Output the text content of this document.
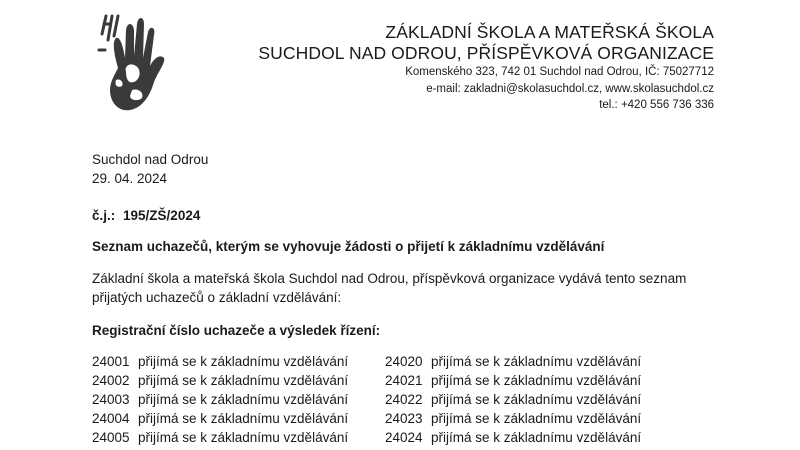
ZÁKLADNÍ ŠKOLA A MATEŘSKÁ ŠKOLA
SUCHDOL NAD ODROU, PŘÍSPĚVKOVÁ ORGANIZACE
Komenského 323, 742 01 Suchdol nad Odrou, IČ: 75027712
e-mail: zakladni@skolasuchdol.cz, www.skolasuchdol.cz
tel.: +420 556 736 336
Suchdol nad Odrou
29. 04. 2024
č.j.: 195/ZŠ/2024
Seznam uchazečů, kterým se vyhovuje žádosti o přijetí k základnímu vzdělávání
Základní škola a mateřská škola Suchdol nad Odrou, příspěvková organizace vydává tento seznam
přijatých uchazečů o základní vzdělávání:
Registrační číslo uchazeče a výsledek řízení:
24001 přijímá se k základnímu vzdělávání
24002 přijímá se k základnímu vzdělávání
24003 přijímá se k základnímu vzdělávání
24004 přijímá se k základnímu vzdělávání
24005 přijímá se k základnímu vzdělávání
24020 přijímá se k základnímu vzdělávání
24021 přijímá se k základnímu vzdělávání
24022 přijímá se k základnímu vzdělávání
24023 přijímá se k základnímu vzdělávání
24024 přijímá se k základnímu vzdělávání
